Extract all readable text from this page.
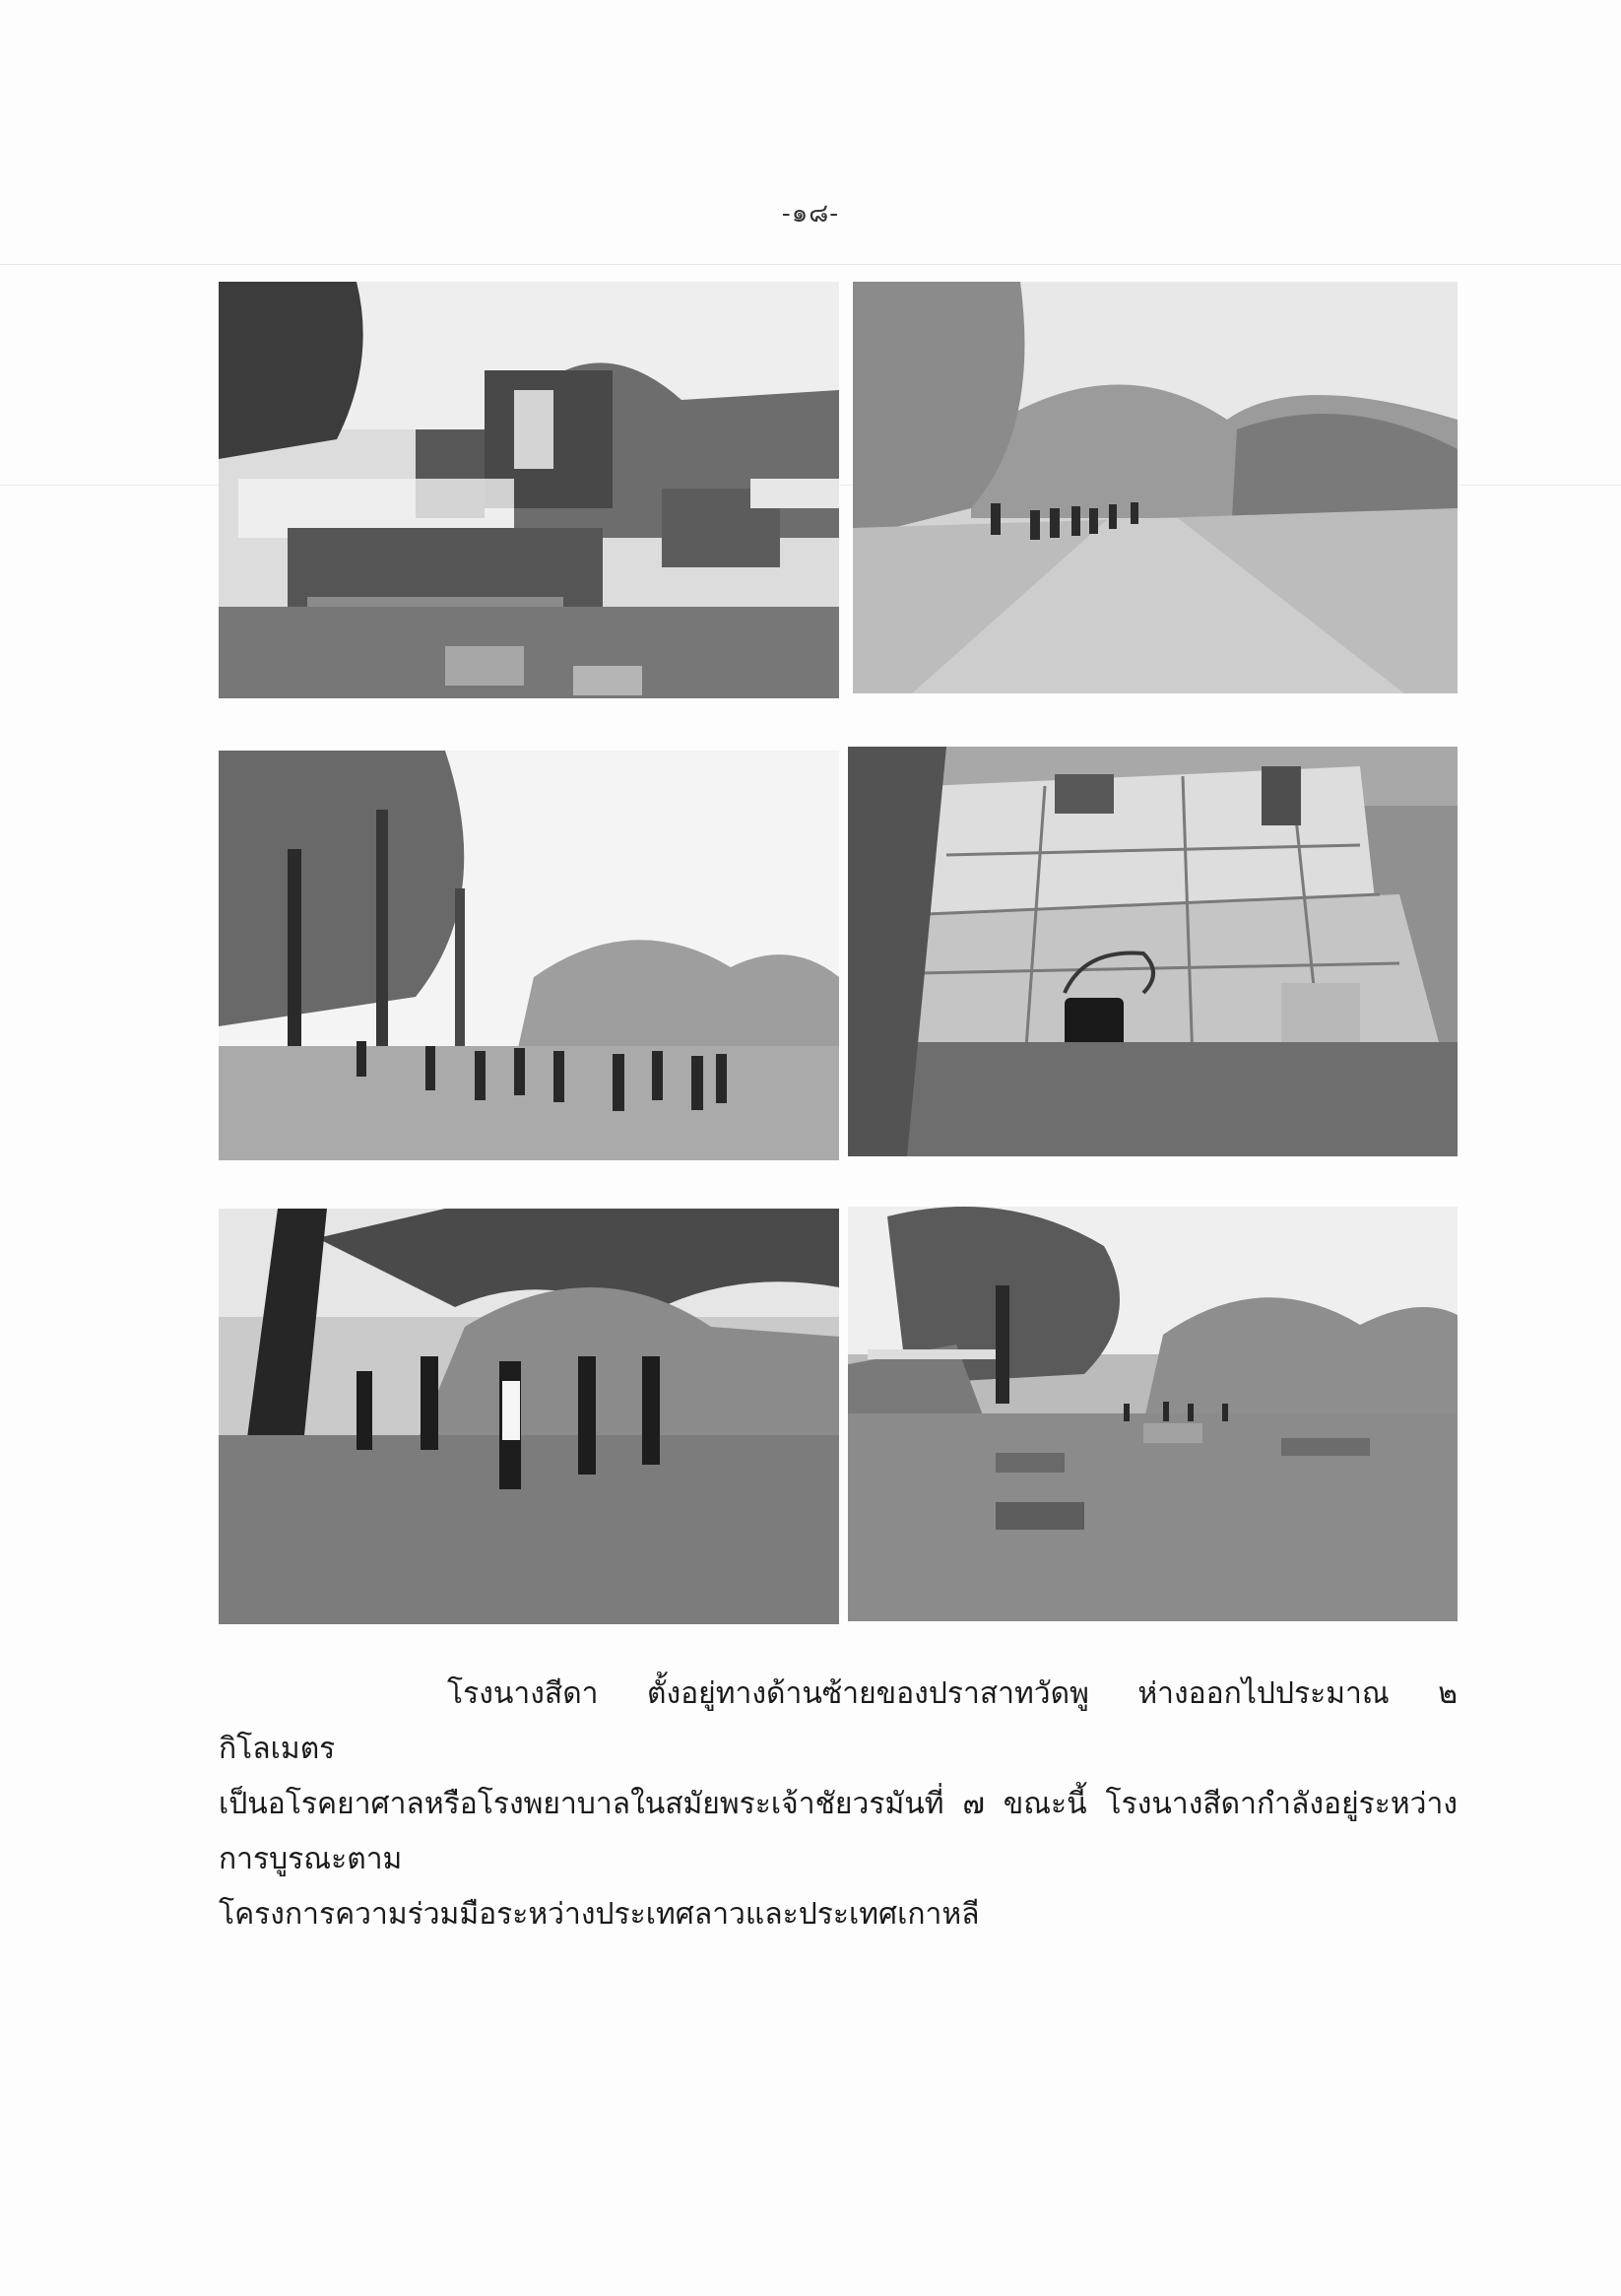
-๑๘-

โรงนางสีดา ตั้งอยู่ทางด้านซ้ายของปราสาทวัดพู ห่างออกไปประมาณ ๒ กิโลเมตร

เป็นอโรคยาศาลหรือโรงพยาบาลในสมัยพระเจ้าชัยวรมันที่ ๗ ขณะนี้ โรงนางสีดากำลังอยู่ระหว่างการบูรณะตาม

โครงการความร่วมมือระหว่างประเทศลาวและประเทศเกาหลี
